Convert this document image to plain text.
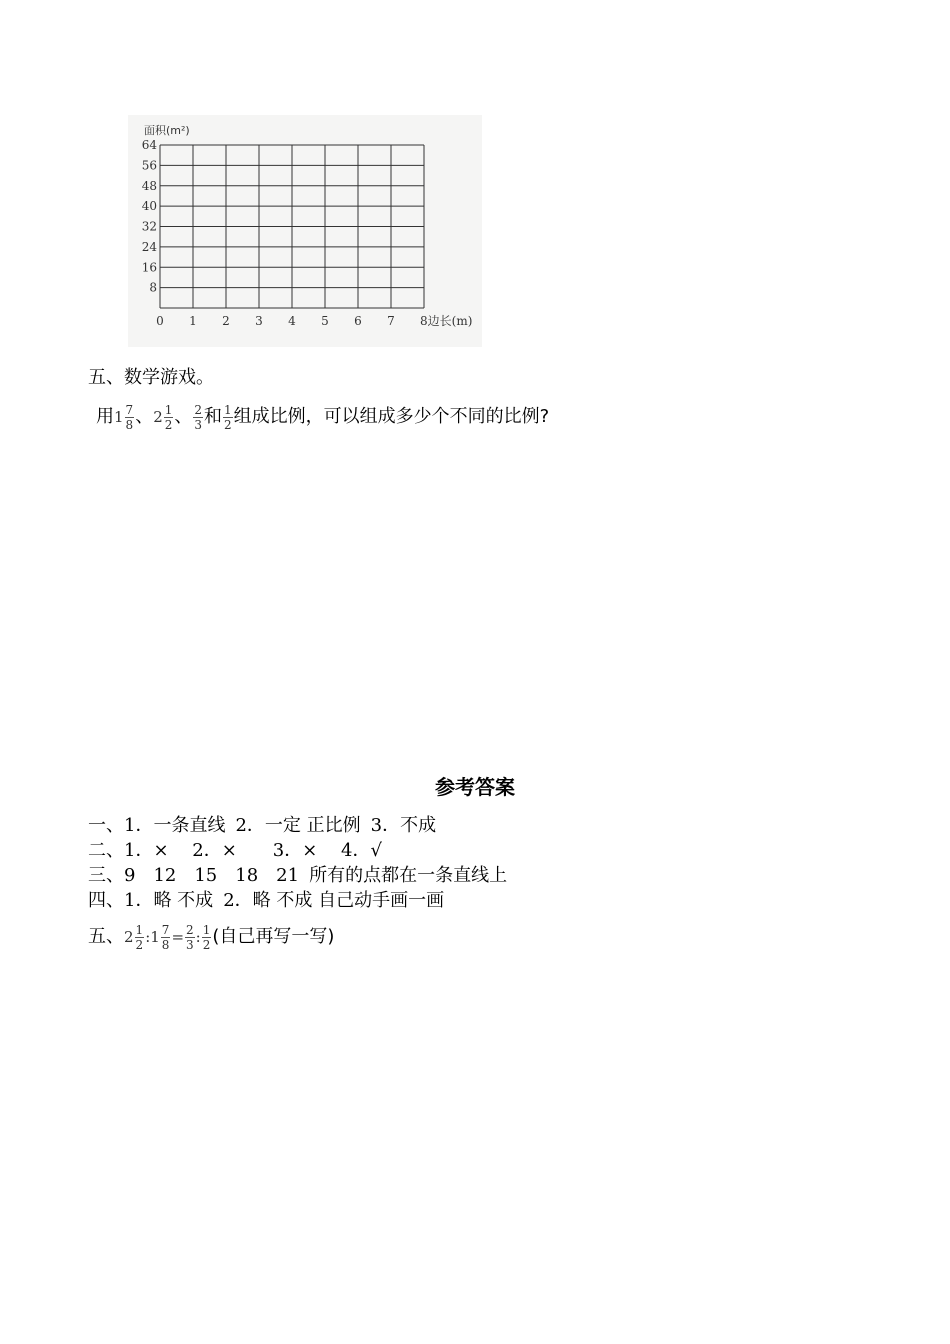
8
16
24
32
40
48
56
64
0 1 2 3 4 5 6 7 8边长(m)
面积(m²)
五、数学游戏。
用$1 \frac{7}{8}$ 、$2 \frac{1}{2}$ 、 $\frac{2}{3}$ 和 $\frac{1}{2}$ 组成比例，可以组成多少个不同的比例?
参考答案
一、1．一条直线 2．一定 正比例 3．不成
二、1．×　 2．×　　3．×　 4．√
三、9　12　15　18　21 所有的点都在一条直线上
四、1．略 不成 2．略 不成 自己动手画一画
五、$2 \frac{1}{2}$ :1 $\frac{7}{8} = \frac{2}{3}$ : $\frac{1}{2}$ (自己再写一写)
